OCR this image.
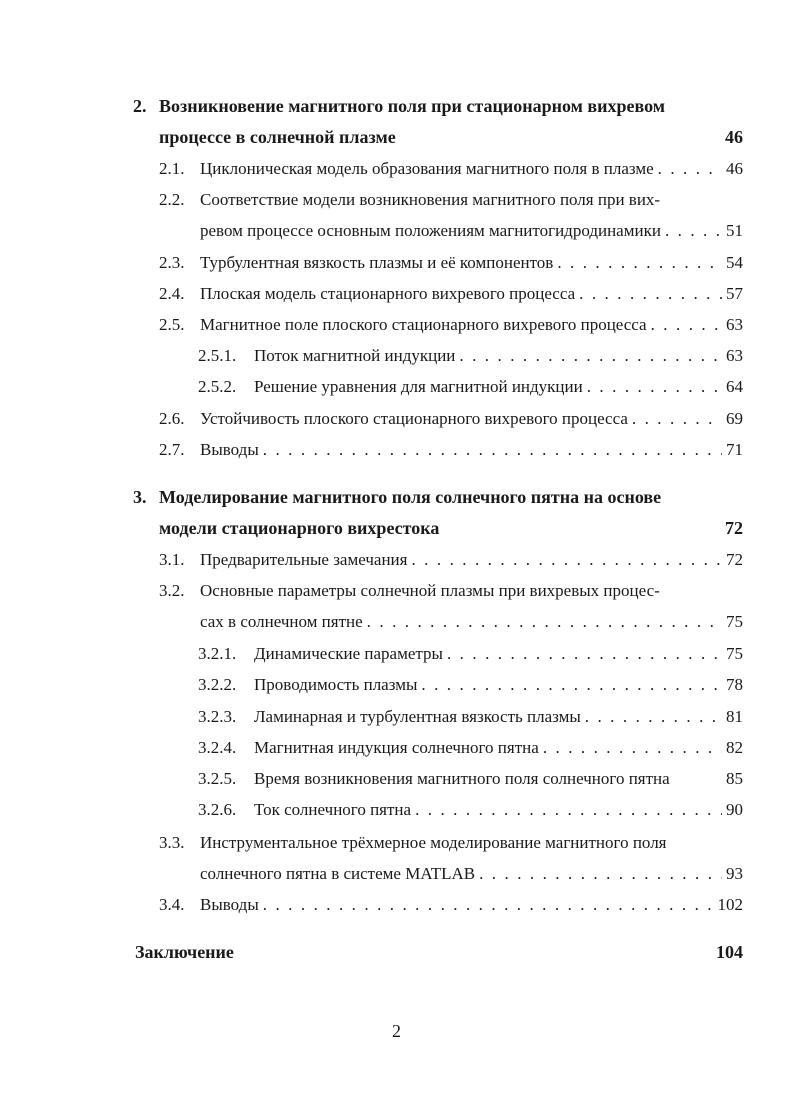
2. Возникновение магнитного поля при стационарном вихревом
процессе в солнечной плазме	46
2.1. Циклоническая модель образования магнитного поля в плазме . . .	46
2.2. Соответствие модели возникновения магнитного поля при вих-
ревом процессе основным положениям магнитогидродинамики . . .	51
2.3. Турбулентная вязкость плазмы и её компонентов . . .	54
2.4. Плоская модель стационарного вихревого процесса . . .	57
2.5. Магнитное поле плоского стационарного вихревого процесса . . .	63
2.5.1.	Поток магнитной индукции . . .	63
2.5.2.	Решение уравнения для магнитной индукции . . .	64
2.6. Устойчивость плоского стационарного вихревого процесса . . .	69
2.7. Выводы . . .	71
3. Моделирование магнитного поля солнечного пятна на основе
модели стационарного вихрестока	72
3.1. Предварительные замечания . . .	72
3.2. Основные параметры солнечной плазмы при вихревых процес-
сах в солнечном пятне . . .	75
3.2.1.	Динамические параметры . . .	75
3.2.2.	Проводимость плазмы . . .	78
3.2.3.	Ламинарная и турбулентная вязкость плазмы . . .	81
3.2.4.	Магнитная индукция солнечного пятна . . .	82
3.2.5.	Время возникновения магнитного поля солнечного пятна	85
3.2.6.	Ток солнечного пятна . . .	90
3.3. Инструментальное трёхмерное моделирование магнитного поля
солнечного пятна в системе MATLAB . . .	93
3.4. Выводы . . .	102
Заключение	104
2
